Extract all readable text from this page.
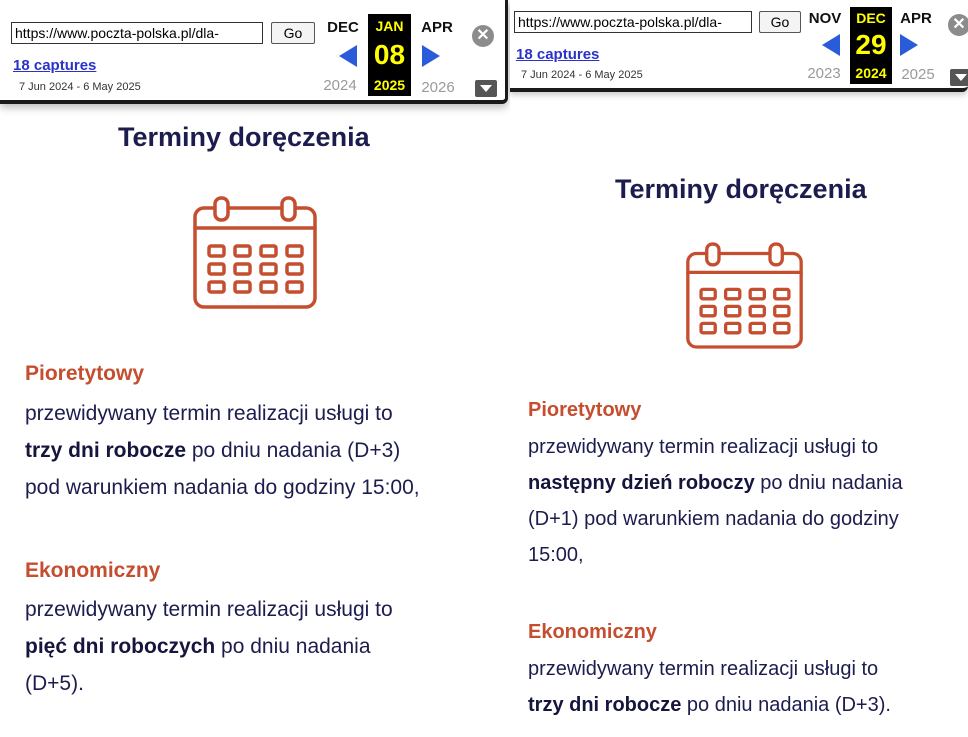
https://www.poczta-polska.pl/dla-	Go
18 captures
7 Jun 2024 - 6 May 2025
DEC
2024
JAN
08
2025
APR
2026
✕
Terminy doręczenia
Pioretytowy
przewidywany termin realizacji usługi to
trzy dni robocze po dniu nadania (D+3)
pod warunkiem nadania do godziny 15:00,
Ekonomiczny
przewidywany termin realizacji usługi to
pięć dni roboczych po dniu nadania
(D+5).
https://www.poczta-polska.pl/dla-	Go
18 captures
7 Jun 2024 - 6 May 2025
NOV
2023
DEC
29
2024
APR
2025
✕
Terminy doręczenia
Pioretytowy
przewidywany termin realizacji usługi to
następny dzień roboczy po dniu nadania
(D+1) pod warunkiem nadania do godziny
15:00,
Ekonomiczny
przewidywany termin realizacji usługi to
trzy dni robocze po dniu nadania (D+3).
